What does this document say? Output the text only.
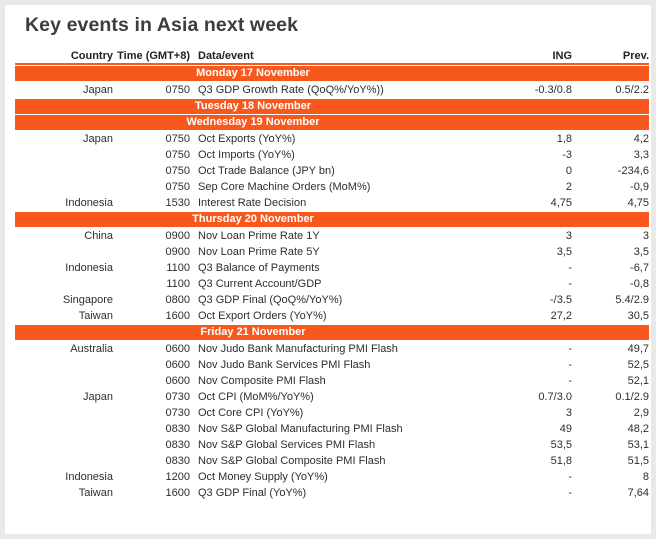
Key events in Asia next week
Country Time (GMT+8) Data/event	ING	Prev.
Monday 17 November
Japan	0750 Q3 GDP Growth Rate (QoQ%/YoY%))	-0.3/0.8	0.5/2.2
Tuesday 18 November
Wednesday 19 November
Japan	0750 Oct Exports (YoY%)	1,8	4,2
0750 Oct Imports (YoY%)	-3	3,3
0750 Oct Trade Balance (JPY bn)	0	-234,6
0750 Sep Core Machine Orders (MoM%)	2	-0,9
Indonesia	1530 Interest Rate Decision	4,75	4,75
Thursday 20 November
China	0900 Nov Loan Prime Rate 1Y	3	3
0900 Nov Loan Prime Rate 5Y	3,5	3,5
Indonesia	1100 Q3 Balance of Payments	-	-6,7
1100 Q3 Current Account/GDP	-	-0,8
Singapore	0800 Q3 GDP Final (QoQ%/YoY%)	-/3.5	5.4/2.9
Taiwan	1600 Oct Export Orders (YoY%)	27,2	30,5
Friday 21 November
Australia	0600 Nov Judo Bank Manufacturing PMI Flash	-	49,7
0600 Nov Judo Bank Services PMI Flash	-	52,5
0600 Nov Composite PMI Flash	-	52,1
Japan	0730 Oct CPI (MoM%/YoY%)	0.7/3.0	0.1/2.9
0730 Oct Core CPI (YoY%)	3	2,9
0830 Nov S&P Global Manufacturing PMI Flash	49	48,2
0830 Nov S&P Global Services PMI Flash	53,5	53,1
0830 Nov S&P Global Composite PMI Flash	51,8	51,5
Indonesia	1200 Oct Money Supply (YoY%)	-	8
Taiwan	1600 Q3 GDP Final (YoY%)	-	7,64
